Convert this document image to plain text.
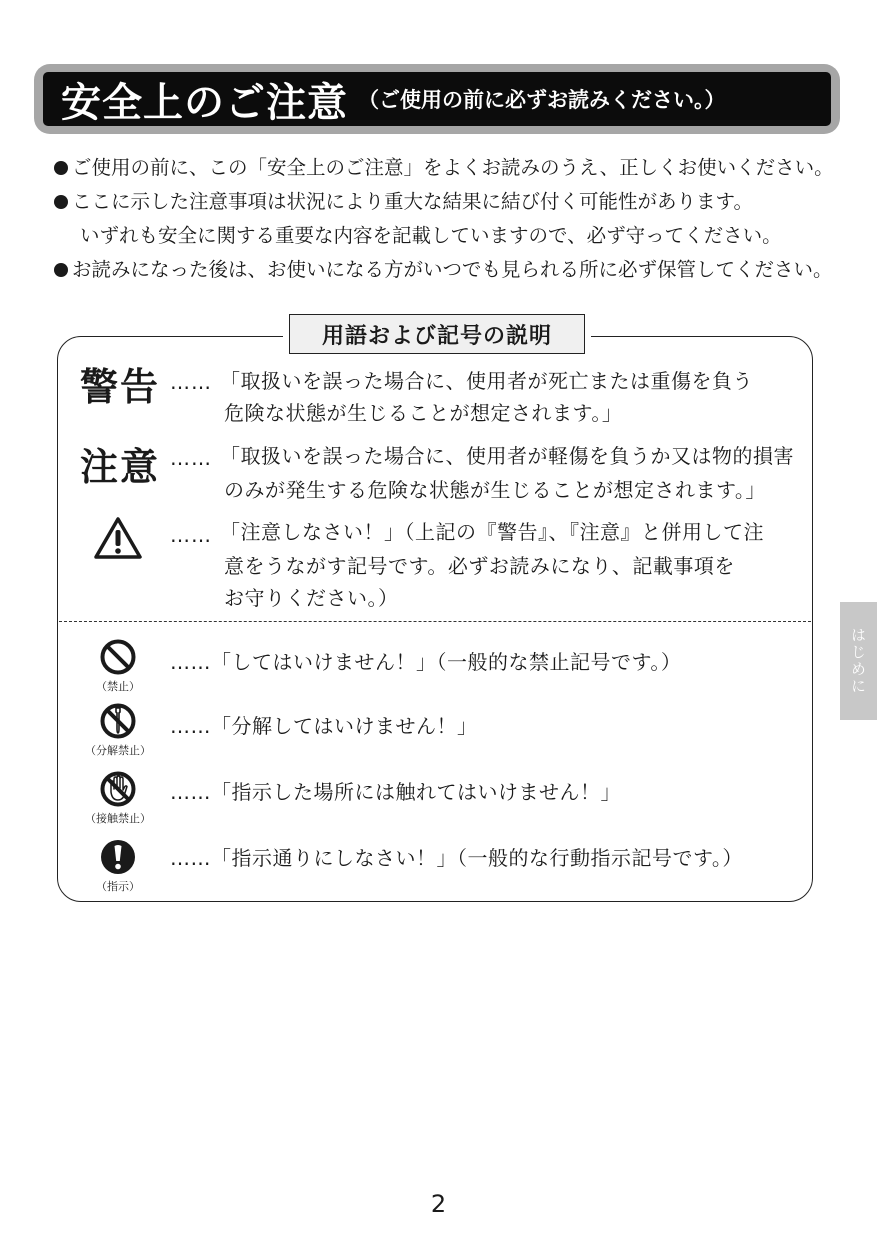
安全上のご注意 （ご使用の前に必ずお読みください。）
ご使用の前に、この「安全上のご注意」をよくお読みのうえ、正しくお使いください。
ここに示した注意事項は状況により重大な結果に結び付く可能性があります。
いずれも安全に関する重要な内容を記載していますので、必ず守ってください。
お読みになった後は、お使いになる方がいつでも見られる所に必ず保管してください。
用語および記号の説明
警告 …… 「取扱いを誤った場合に、使用者が死亡または重傷を負う
危険な状態が生じることが想定されます。」
注意 …… 「取扱いを誤った場合に、使用者が軽傷を負うか又は物的損害
のみが発生する危険な状態が生じることが想定されます。」
…… 「注意しなさい！」（上記の『警告』、『注意』と併用して注
意をうながす記号です。必ずお読みになり、記載事項を
お守りください。）
（禁止）
……「してはいけません！」（一般的な禁止記号です。）
（分解禁止）
……「分解してはいけません！」
（接触禁止）
……「指示した場所には触れてはいけません！」
（指示）
……「指示通りにしなさい！」（一般的な行動指示記号です。）
はじめに
2
